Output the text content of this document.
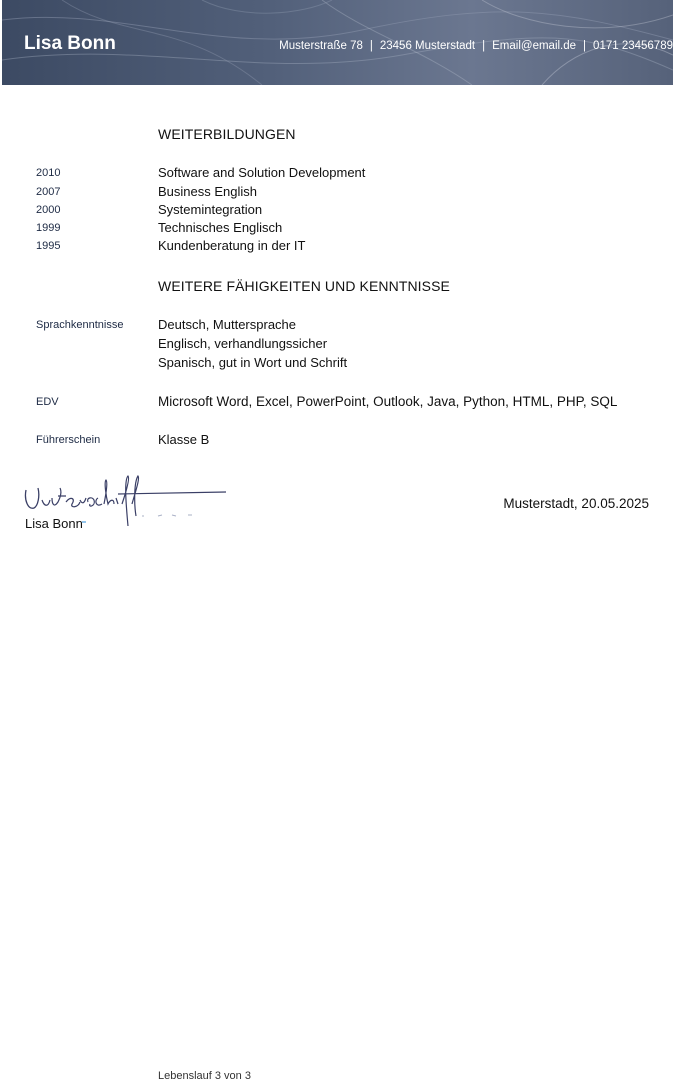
Lisa Bonn	Musterstraße 78 | 23456 Musterstadt | Email@email.de | 0171 23456789
WEITERBILDUNGEN
2010	Software and Solution Development
2007	Business English
2000	Systemintegration
1999	Technisches Englisch
1995	Kundenberatung in der IT
WEITERE FÄHIGKEITEN UND KENNTNISSE
Sprachkenntnisse	Deutsch, Muttersprache
Englisch, verhandlungssicher
Spanisch, gut in Wort und Schrift
EDV	Microsoft Word, Excel, PowerPoint, Outlook, Java, Python, HTML, PHP, SQL
Führerschein	Klasse B
Lisa Bonn
Musterstadt, 20.05.2025
Lebenslauf 3 von 3
